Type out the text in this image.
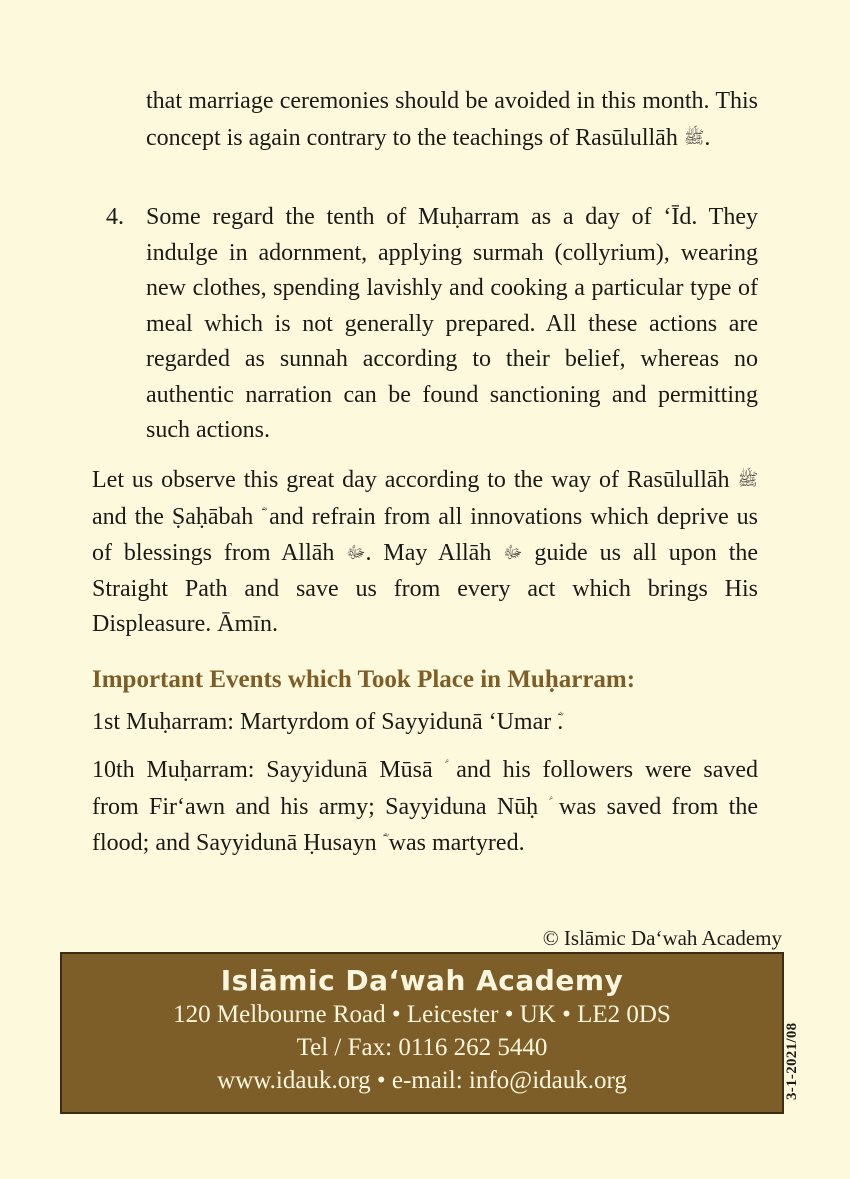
that marriage ceremonies should be avoided in this month. This concept is again contrary to the teachings of Rasūlullāh ﷺ.

4. Some regard the tenth of Muḥarram as a day of ‘Īd. They indulge in adornment, applying surmah (collyrium), wearing new clothes, spending lavishly and cooking a particular type of meal which is not generally prepared. All these actions are regarded as sunnah according to their belief, whereas no authentic narration can be found sanctioning and permitting such actions.

Let us observe this great day according to the way of Rasūlullāh ﷺ and the Ṣaḥābah and refrain from all innovations which deprive us of blessings from Allāh ﷻ. May Allāh ﷻ guide us all upon the Straight Path and save us from every act which brings His Displeasure. Āmīn.

Important Events which Took Place in Muḥarram:

1st Muḥarram: Martyrdom of Sayyidunā ‘Umar .

10th Muḥarram: Sayyidunā Mūsā and his followers were saved from Fir‘awn and his army; Sayyiduna Nūḥ was saved from the flood; and Sayyidunā Ḥusayn was martyred.

© Islāmic Da‘wah Academy
Islāmic Da‘wah Academy
120 Melbourne Road • Leicester • UK • LE2 0DS
Tel / Fax: 0116 262 5440
www.idauk.org • e-mail: info@idauk.org	3-1-2021/08
